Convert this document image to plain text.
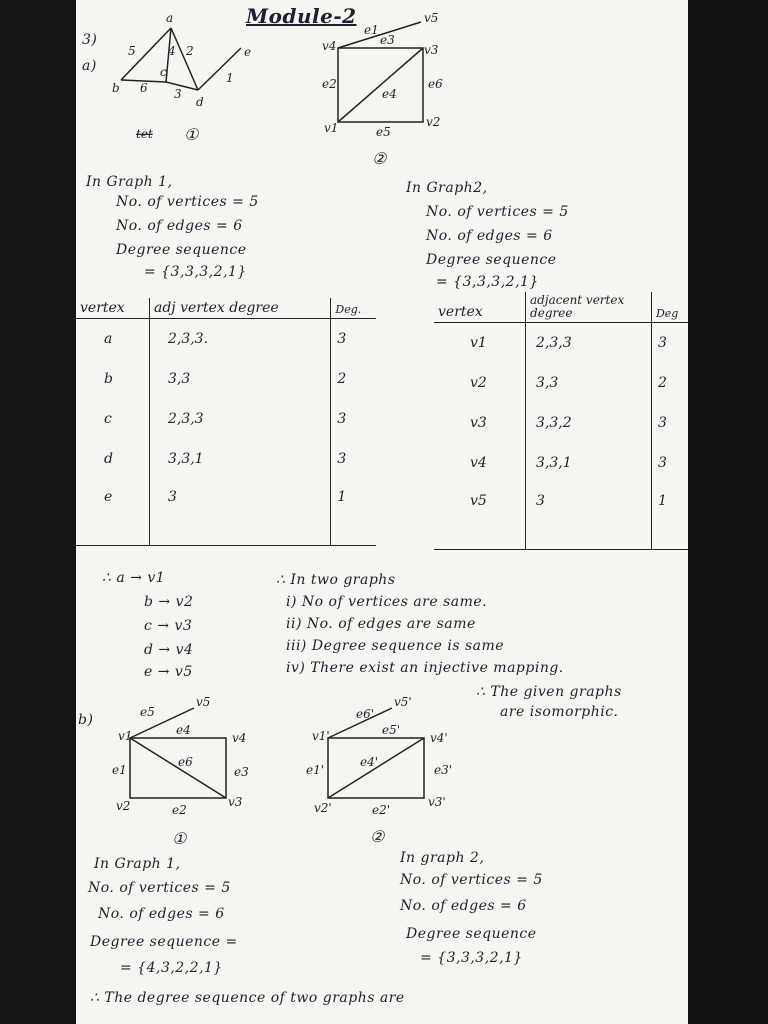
Module-2
3)
a)
a
b
c
d
e
5	4 2
6 3
1
tet ①
v4	v3
v2
v1
v5
e1
e2
e3
e4
e5
e6
②
In Graph 1,
No. of vertices = 5
No. of edges = 6
Degree sequence
= {3,3,3,2,1}
In Graph2,
No. of vertices = 5
No. of edges = 6
Degree sequence
= {3,3,3,2,1}
vertex	adj vertex degree	Deg.
a	2,3,3.	3
b	3,3	2
c	2,3,3	3
d	3,3,1	3
e	3	1
vertex	adjacent vertex degree	Deg
v1	2,3,3	3
v2	3,3	2
v3	3,3,2	3
v4	3,3,1	3
v5	3	1
∴ a → v1
b → v2
c → v3
d → v4
e → v5
∴ In two graphs
i) No of vertices are same.
ii) No. of edges are same
iii) Degree sequence is same
iv) There exist an injective mapping.
∴ The given graphs
are isomorphic.
b)
v1
v2	v3
v4
v5
e5
e4
e6
e1	e3
e2
①
v1'
v2'	v3'
v4'
v5'
e6'
e5'
e4'
e1'	e3'
e2'
②
In Graph 1,
No. of vertices = 5
No. of edges = 6
Degree sequence =
= {4,3,2,2,1}
In graph 2,
No. of vertices = 5
No. of edges = 6
Degree sequence
= {3,3,3,2,1}
∴ The degree sequence of two graphs are
